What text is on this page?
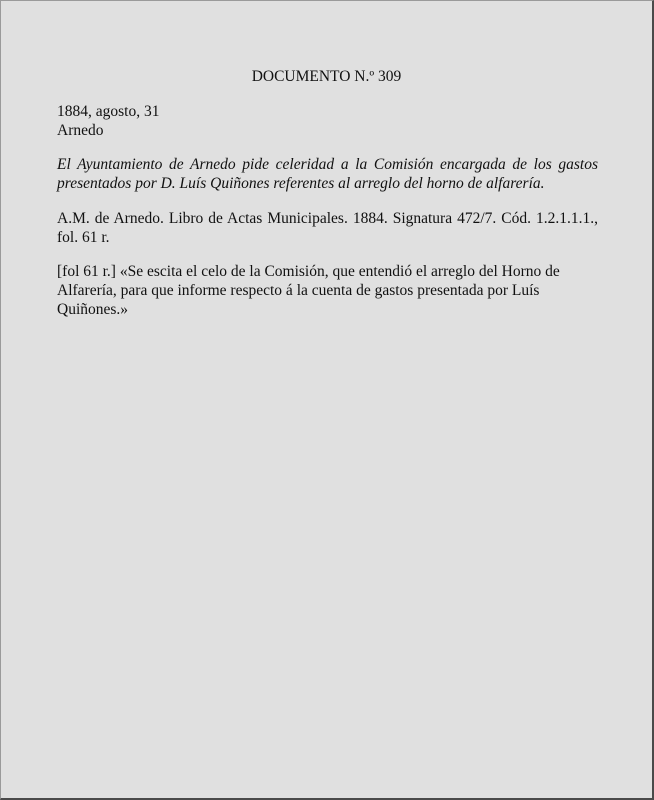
DOCUMENTO N.º 309
1884, agosto, 31
Arnedo

El Ayuntamiento de Arnedo pide celeridad a la Comisión encargada de los gastos presentados por D. Luís Quiñones referentes al arreglo del horno de alfarería.

A.M. de Arnedo. Libro de Actas Municipales. 1884. Signatura 472/7. Cód. 1.2.1.1.1., fol. 61 r.

[fol 61 r.] «Se escita el celo de la Comisión, que entendió el arreglo del Horno de Alfarería, para que informe respecto á la cuenta de gastos presentada por Luís Quiñones.»
